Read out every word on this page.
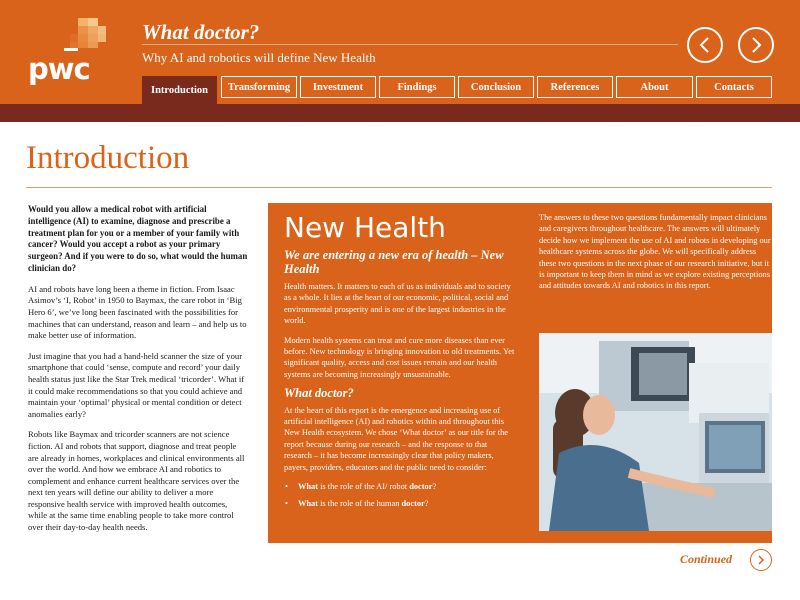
pwc
What doctor?
Why AI and robotics will define New Health
Introduction	Transforming	Investment	Findings	Conclusion	References	About	Contacts
Introduction

Would you allow a medical robot with artificial intelligence (AI) to examine, diagnose and prescribe a treatment plan for you or a member of your family with cancer? Would you accept a robot as your primary surgeon? And if you were to do so, what would the human clinician do?

AI and robots have long been a theme in fiction. From Isaac Asimov’s ‘I, Robot’ in 1950 to Baymax, the care robot in ‘Big Hero 6’, we’ve long been fascinated with the possibilities for machines that can understand, reason and learn – and help us to make better use of information.

Just imagine that you had a hand-held scanner the size of your smartphone that could ‘sense, compute and record’ your daily health status just like the Star Trek medical ‘tricorder’. What if it could make recommendations so that you could achieve and maintain your ‘optimal’ physical or mental condition or detect anomalies early?

Robots like Baymax and tricorder scanners are not science fiction. AI and robots that support, diagnose and treat people are already in homes, workplaces and clinical environments all over the world. And how we embrace AI and robotics to complement and enhance current healthcare services over the next ten years will define our ability to deliver a more responsive health service with improved health outcomes, while at the same time enabling people to take more control over their day-to-day health needs.

New Health
We are entering a new era of health – New Health

Health matters. It matters to each of us as individuals and to society as a whole. It lies at the heart of our economic, political, social and environmental prosperity and is one of the largest industries in the world.

Modern health systems can treat and cure more diseases than ever before. New technology is bringing innovation to old treatments. Yet significant quality, access and cost issues remain and our health systems are becoming increasingly unsustainable.

What doctor?

At the heart of this report is the emergence and increasing use of artificial intelligence (AI) and robotics within and throughout this New Health ecosystem. We chose ‘What doctor’ as our title for the report because during our research – and the response to that research – it has become increasingly clear that policy makers, payers, providers, educators and the public need to consider:

• What is the role of the AI/ robot doctor?
• What is the role of the human doctor?

The answers to these two questions fundamentally impact clinicians and caregivers throughout healthcare. The answers will ultimately decide how we implement the use of AI and robots in developing our healthcare systems across the globe. We will specifically address these two questions in the next phase of our research initiative, but it is important to keep them in mind as we explore existing perceptions and attitudes towards AI and robotics in this report.

Continued
